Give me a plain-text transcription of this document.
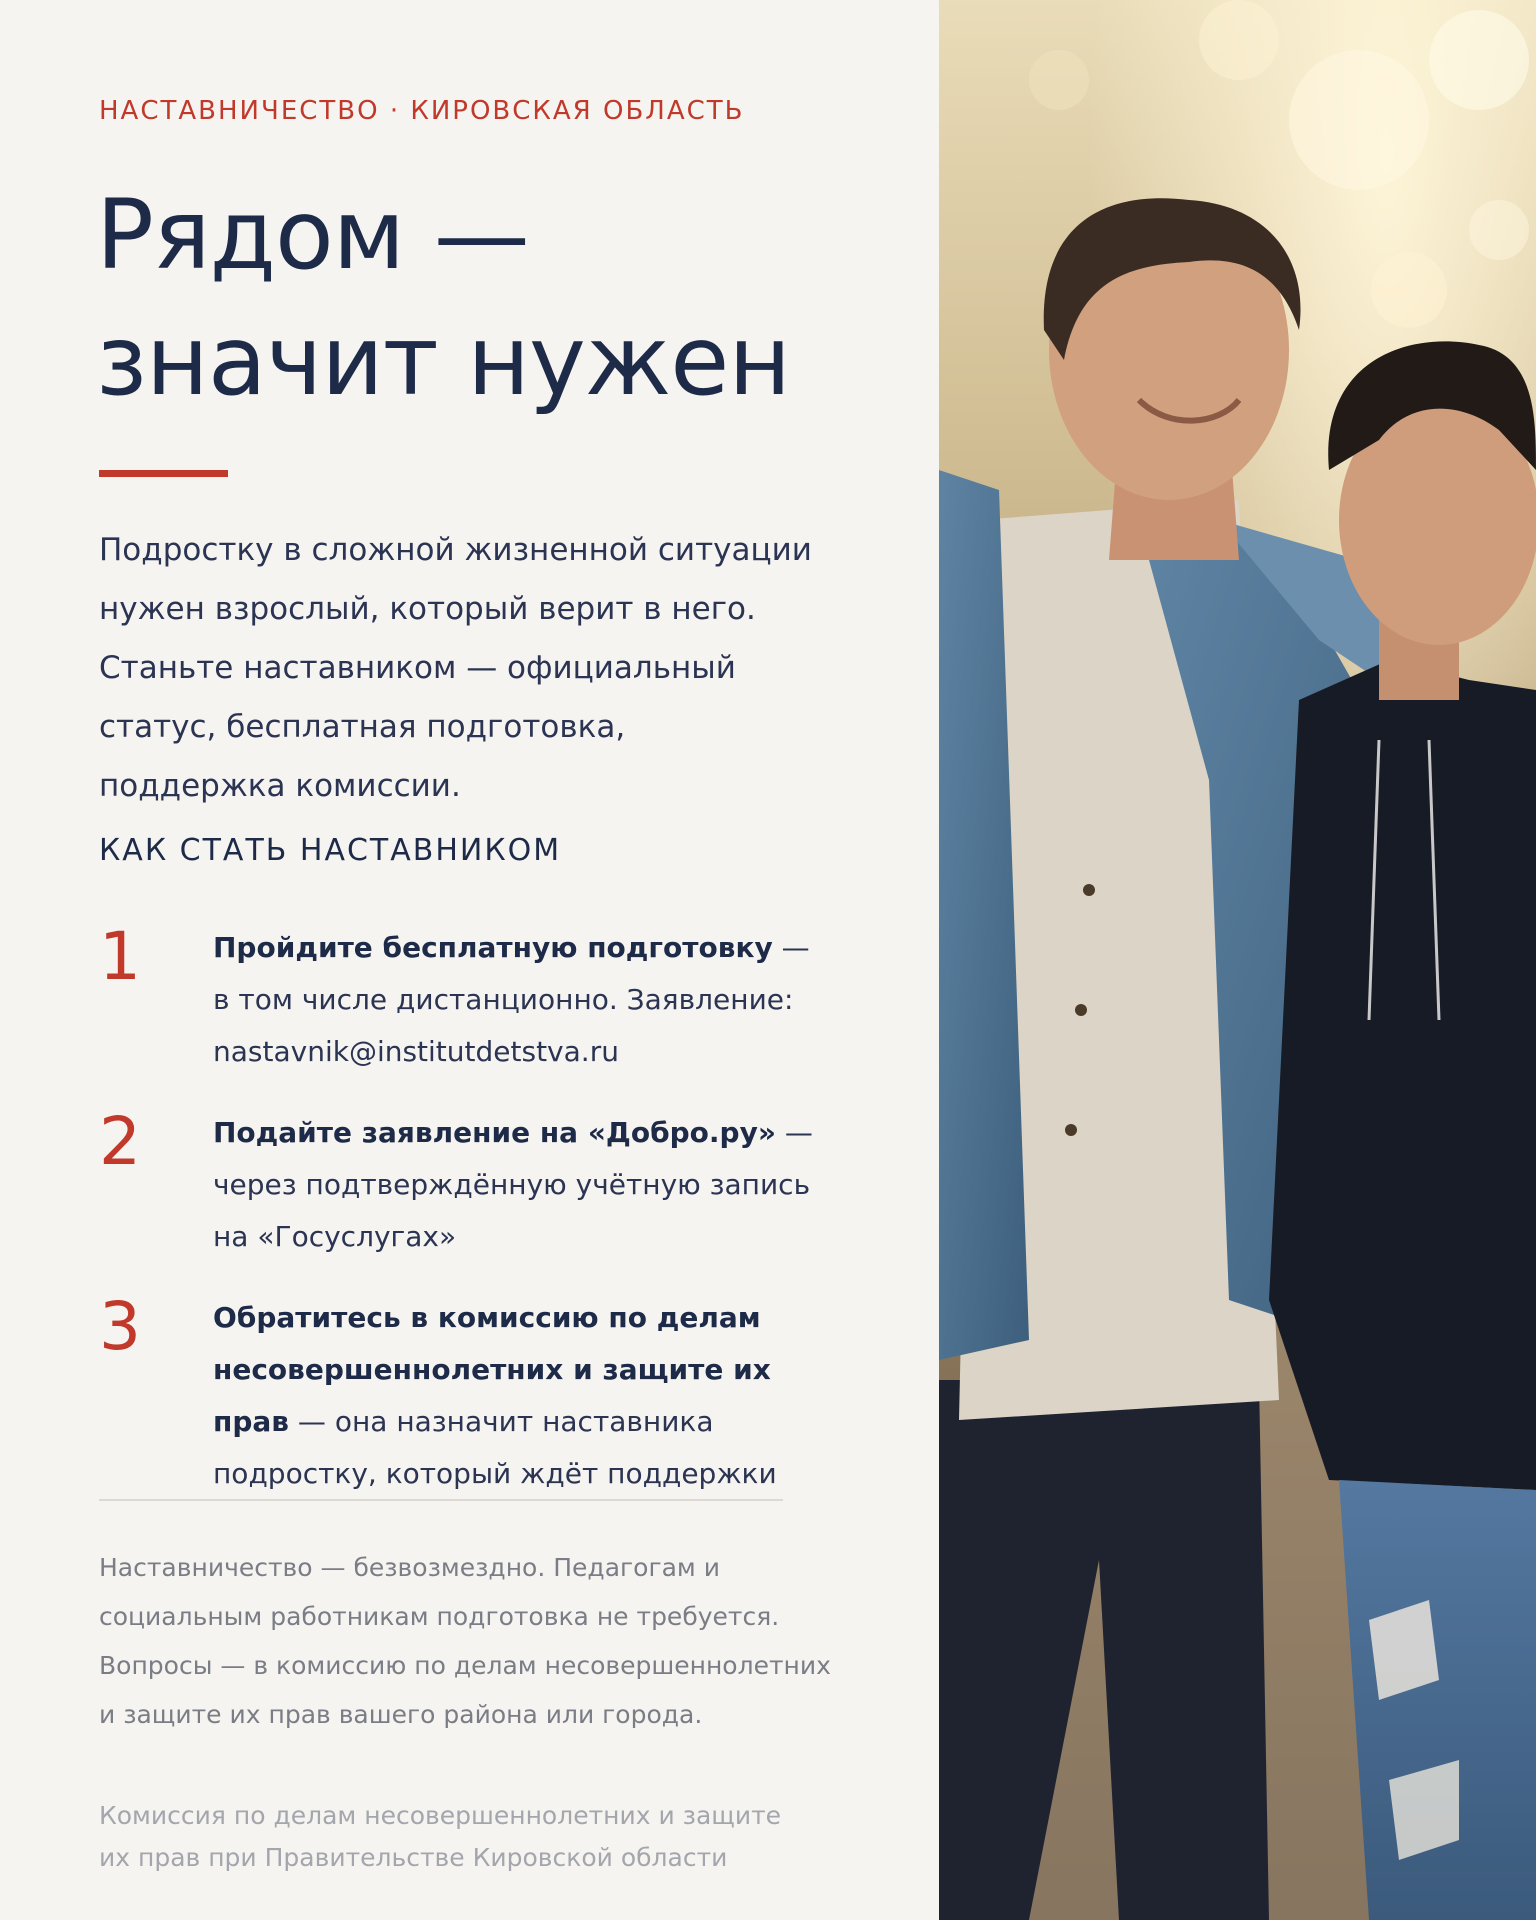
НАСТАВНИЧЕСТВО · КИРОВСКАЯ ОБЛАСТЬ
Рядом —
значит нужен

Подростку в сложной жизненной ситуации нужен взрослый, который верит в него. Станьте наставником — официальный статус, бесплатная подготовка, поддержка комиссии.

КАК СТАТЬ НАСТАВНИКОМ
1	Пройдите бесплатную подготовку — в том числе дистанционно. Заявление: nastavnik@institutdetstva.ru

2	Подайте заявление на «Добро.ру» — через подтверждённую учётную запись на «Госуслугах»

3	Обратитесь в комиссию по делам несовершеннолетних и защите их прав — она назначит наставника подростку, который ждёт поддержки

Наставничество — безвозмездно. Педагогам и социальным работникам подготовка не требуется. Вопросы — в комиссию по делам несовершеннолетних и защите их прав вашего района или города.

Комиссия по делам несовершеннолетних и защите их прав при Правительстве Кировской области
